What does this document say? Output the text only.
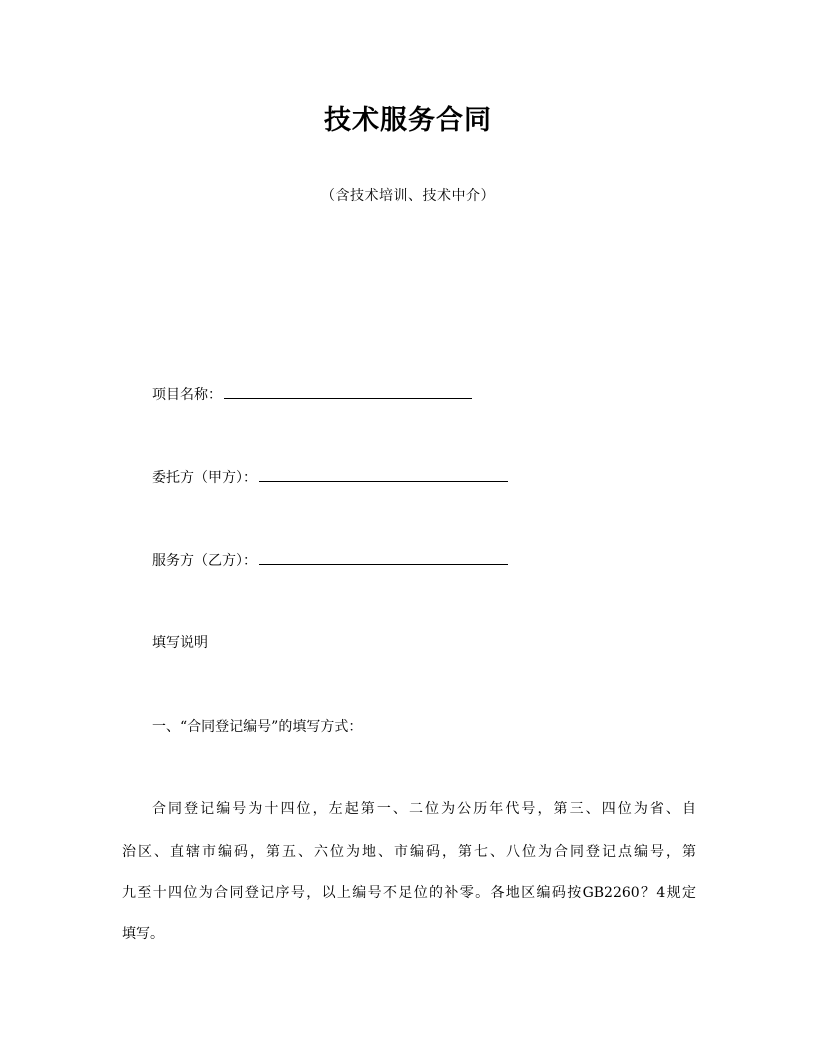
技术服务合同
（含技术培训、技术中介）
项目名称：
委托方（甲方）：
服务方（乙方）：
填写说明
一、“合同登记编号”的填写方式：
合同登记编号为十四位，左起第一、二位为公历年代号，第三、四位为省、自
治区、直辖市编码，第五、六位为地、市编码，第七、八位为合同登记点编号，第
九至十四位为合同登记序号，以上编号不足位的补零。各地区编码按GB2260？4规定
填写。
